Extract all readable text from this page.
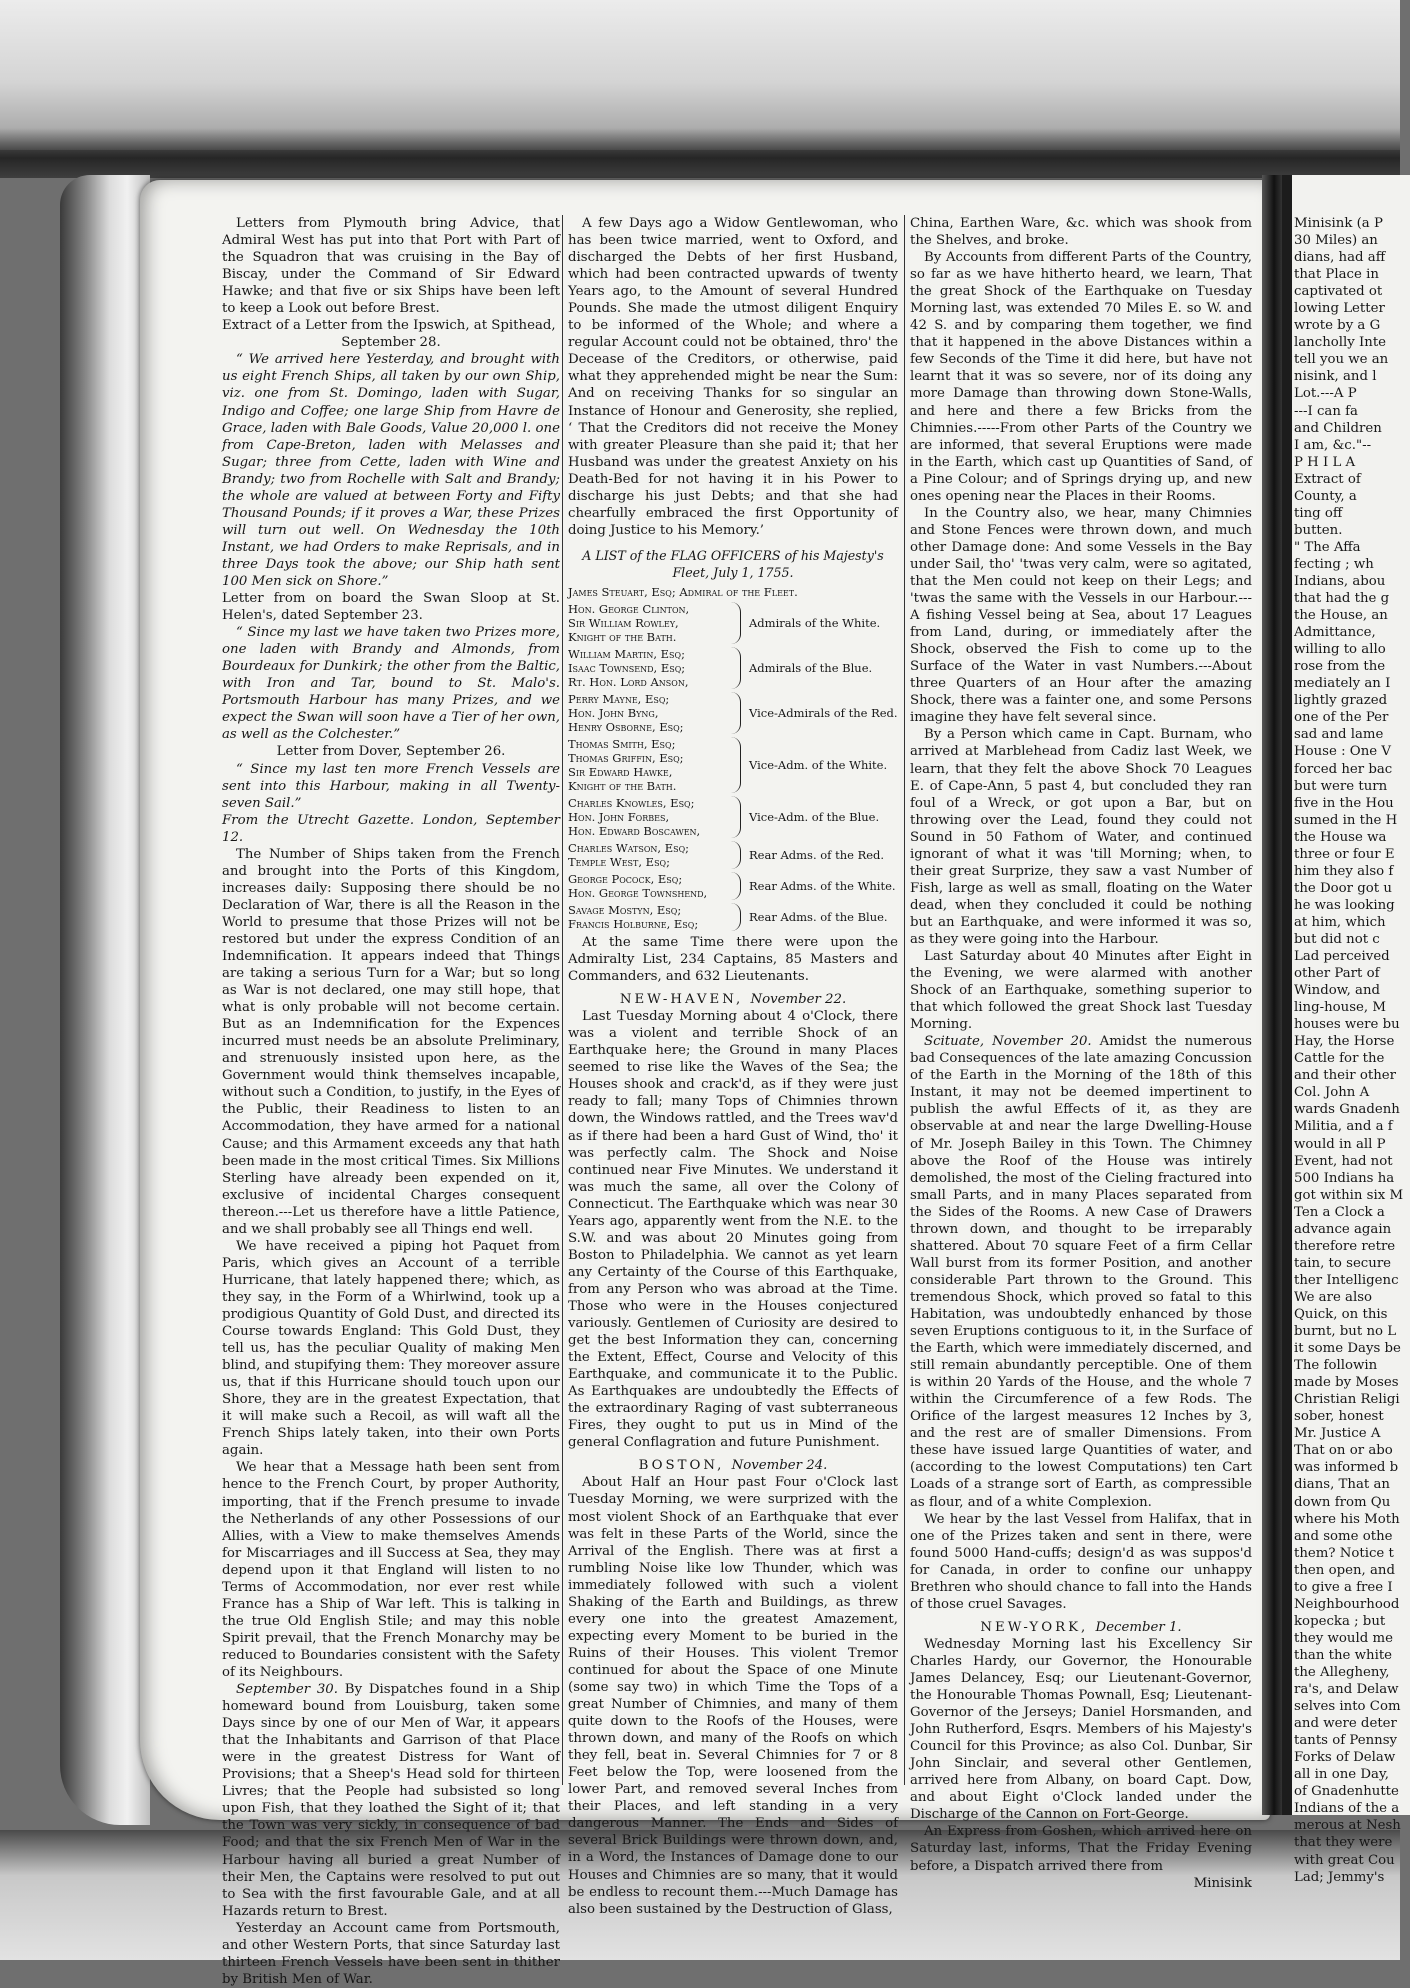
Letters from Plymouth bring Advice, that Admiral West has put into that Port with Part of the Squadron that was cruising in the Bay of Biscay, under the Command of Sir Edward Hawke; and that five or six Ships have been left to keep a Look out before Brest.

Extract of a Letter from the Ipswich, at Spithead,

September 28.

“ We arrived here Yesterday, and brought with us eight French Ships, all taken by our own Ship, viz. one from St. Domingo, laden with Sugar, Indigo and Coffee; one large Ship from Havre de Grace, laden with Bale Goods, Value 20,000 l. one from Cape-Breton, laden with Melasses and Sugar; three from Cette, laden with Wine and Brandy; two from Rochelle with Salt and Brandy; the whole are valued at between Forty and Fifty Thousand Pounds; if it proves a War, these Prizes will turn out well. On Wednesday the 10th Instant, we had Orders to make Reprisals, and in three Days took the above; our Ship hath sent 100 Men sick on Shore.”

Letter from on board the Swan Sloop at St. Helen's, dated September 23.

“ Since my last we have taken two Prizes more, one laden with Brandy and Almonds, from Bourdeaux for Dunkirk; the other from the Baltic, with Iron and Tar, bound to St. Malo's. Portsmouth Harbour has many Prizes, and we expect the Swan will soon have a Tier of her own, as well as the Colchester.”

Letter from Dover, September 26.

“ Since my last ten more French Vessels are sent into this Harbour, making in all Twenty-seven Sail.”

From the Utrecht Gazette. London, September 12.

The Number of Ships taken from the French and brought into the Ports of this Kingdom, increases daily: Supposing there should be no Declaration of War, there is all the Reason in the World to presume that those Prizes will not be restored but under the express Condition of an Indemnification. It appears indeed that Things are taking a serious Turn for a War; but so long as War is not declared, one may still hope, that what is only probable will not become certain. But as an Indemnification for the Expences incurred must needs be an absolute Preliminary, and strenuously insisted upon here, as the Government would think themselves incapable, without such a Condition, to justify, in the Eyes of the Public, their Readiness to listen to an Accommodation, they have armed for a national Cause; and this Armament exceeds any that hath been made in the most critical Times. Six Millions Sterling have already been expended on it, exclusive of incidental Charges consequent thereon.---Let us therefore have a little Patience, and we shall probably see all Things end well.

We have received a piping hot Paquet from Paris, which gives an Account of a terrible Hurricane, that lately happened there; which, as they say, in the Form of a Whirlwind, took up a prodigious Quantity of Gold Dust, and directed its Course towards England: This Gold Dust, they tell us, has the peculiar Quality of making Men blind, and stupifying them: They moreover assure us, that if this Hurricane should touch upon our Shore, they are in the greatest Expectation, that it will make such a Recoil, as will waft all the French Ships lately taken, into their own Ports again.

We hear that a Message hath been sent from hence to the French Court, by proper Authority, importing, that if the French presume to invade the Netherlands of any other Possessions of our Allies, with a View to make themselves Amends for Miscarriages and ill Success at Sea, they may depend upon it that England will listen to no Terms of Accommodation, nor ever rest while France has a Ship of War left. This is talking in the true Old English Stile; and may this noble Spirit prevail, that the French Monarchy may be reduced to Boundaries consistent with the Safety of its Neighbours.

September 30. By Dispatches found in a Ship homeward bound from Louisburg, taken some Days since by one of our Men of War, it appears that the Inhabitants and Garrison of that Place were in the greatest Distress for Want of Provisions; that a Sheep's Head sold for thirteen Livres; that the People had subsisted so long upon Fish, that they loathed the Sight of it; that the Town was very sickly, in consequence of bad Food; and that the six French Men of War in the Harbour having all buried a great Number of their Men, the Captains were resolved to put out to Sea with the first favourable Gale, and at all Hazards return to Brest.

Yesterday an Account came from Portsmouth, and other Western Ports, that since Saturday last thirteen French Vessels have been sent in thither by British Men of War.

A few Days ago a Widow Gentlewoman, who has been twice married, went to Oxford, and discharged the Debts of her first Husband, which had been contracted upwards of twenty Years ago, to the Amount of several Hundred Pounds. She made the utmost diligent Enquiry to be informed of the Whole; and where a regular Account could not be obtained, thro' the Decease of the Creditors, or otherwise, paid what they apprehended might be near the Sum: And on receiving Thanks for so singular an Instance of Honour and Generosity, she replied, ‘ That the Creditors did not receive the Money with greater Pleasure than she paid it; that her Husband was under the greatest Anxiety on his Death-Bed for not having it in his Power to discharge his just Debts; and that she had chearfully embraced the first Opportunity of doing Justice to his Memory.’

A LIST of the FLAG OFFICERS of his Majesty's
Fleet, July 1, 1755.
James Steuart, Esq; Admiral of the Fleet.
Hon. George Clinton,
Sir William Rowley,
Knight of the Bath.
Admirals of the White.
William Martin, Esq;
Isaac Townsend, Esq;
Rt. Hon. Lord Anson,
Admirals of the Blue.
Perry Mayne, Esq;
Hon. John Byng,
Henry Osborne, Esq;
Vice-Admirals of the Red.
Thomas Smith, Esq;
Thomas Griffin, Esq;
Sir Edward Hawke,
Knight of the Bath.
Vice-Adm. of the White.
Charles Knowles, Esq;
Hon. John Forbes,
Hon. Edward Boscawen,
Vice-Adm. of the Blue.
Charles Watson, Esq;
Temple West, Esq;	Rear Adms. of the Red.
George Pocock, Esq;
Hon. George Townshend,	Rear Adms. of the White.
Savage Mostyn, Esq;
Francis Holburne, Esq;	Rear Adms. of the Blue.

At the same Time there were upon the Admiralty List, 234 Captains, 85 Masters and Commanders, and 632 Lieutenants.

NEW-HAVEN, November 22.

Last Tuesday Morning about 4 o'Clock, there was a violent and terrible Shock of an Earthquake here; the Ground in many Places seemed to rise like the Waves of the Sea; the Houses shook and crack'd, as if they were just ready to fall; many Tops of Chimnies thrown down, the Windows rattled, and the Trees wav'd as if there had been a hard Gust of Wind, tho' it was perfectly calm. The Shock and Noise continued near Five Minutes. We understand it was much the same, all over the Colony of Connecticut. The Earthquake which was near 30 Years ago, apparently went from the N.E. to the S.W. and was about 20 Minutes going from Boston to Philadelphia. We cannot as yet learn any Certainty of the Course of this Earthquake, from any Person who was abroad at the Time. Those who were in the Houses conjectured variously. Gentlemen of Curiosity are desired to get the best Information they can, concerning the Extent, Effect, Course and Velocity of this Earthquake, and communicate it to the Public. As Earthquakes are undoubtedly the Effects of the extraordinary Raging of vast subterraneous Fires, they ought to put us in Mind of the general Conflagration and future Punishment.

BOSTON, November 24.

About Half an Hour past Four o'Clock last Tuesday Morning, we were surprized with the most violent Shock of an Earthquake that ever was felt in these Parts of the World, since the Arrival of the English. There was at first a rumbling Noise like low Thunder, which was immediately followed with such a violent Shaking of the Earth and Buildings, as threw every one into the greatest Amazement, expecting every Moment to be buried in the Ruins of their Houses. This violent Tremor continued for about the Space of one Minute (some say two) in which Time the Tops of a great Number of Chimnies, and many of them quite down to the Roofs of the Houses, were thrown down, and many of the Roofs on which they fell, beat in. Several Chimnies for 7 or 8 Feet below the Top, were loosened from the lower Part, and removed several Inches from their Places, and left standing in a very dangerous Manner. The Ends and Sides of several Brick Buildings were thrown down, and, in a Word, the Instances of Damage done to our Houses and Chimnies are so many, that it would be endless to recount them.---Much Damage has also been sustained by the Destruction of Glass,

China, Earthen Ware, &c. which was shook from the Shelves, and broke.

By Accounts from different Parts of the Country, so far as we have hitherto heard, we learn, That the great Shock of the Earthquake on Tuesday Morning last, was extended 70 Miles E. so W. and 42 S. and by comparing them together, we find that it happened in the above Distances within a few Seconds of the Time it did here, but have not learnt that it was so severe, nor of its doing any more Damage than throwing down Stone-Walls, and here and there a few Bricks from the Chimnies.-----From other Parts of the Country we are informed, that several Eruptions were made in the Earth, which cast up Quantities of Sand, of a Pine Colour; and of Springs drying up, and new ones opening near the Places in their Rooms.

In the Country also, we hear, many Chimnies and Stone Fences were thrown down, and much other Damage done: And some Vessels in the Bay under Sail, tho' 'twas very calm, were so agitated, that the Men could not keep on their Legs; and 'twas the same with the Vessels in our Harbour.---A fishing Vessel being at Sea, about 17 Leagues from Land, during, or immediately after the Shock, observed the Fish to come up to the Surface of the Water in vast Numbers.---About three Quarters of an Hour after the amazing Shock, there was a fainter one, and some Persons imagine they have felt several since.

By a Person which came in Capt. Burnam, who arrived at Marblehead from Cadiz last Week, we learn, that they felt the above Shock 70 Leagues E. of Cape-Ann, 5 past 4, but concluded they ran foul of a Wreck, or got upon a Bar, but on throwing over the Lead, found they could not Sound in 50 Fathom of Water, and continued ignorant of what it was 'till Morning; when, to their great Surprize, they saw a vast Number of Fish, large as well as small, floating on the Water dead, when they concluded it could be nothing but an Earthquake, and were informed it was so, as they were going into the Harbour.

Last Saturday about 40 Minutes after Eight in the Evening, we were alarmed with another Shock of an Earthquake, something superior to that which followed the great Shock last Tuesday Morning.

Scituate, November 20. Amidst the numerous bad Consequences of the late amazing Concussion of the Earth in the Morning of the 18th of this Instant, it may not be deemed impertinent to publish the awful Effects of it, as they are observable at and near the large Dwelling-House of Mr. Joseph Bailey in this Town. The Chimney above the Roof of the House was intirely demolished, the most of the Cieling fractured into small Parts, and in many Places separated from the Sides of the Rooms. A new Case of Drawers thrown down, and thought to be irreparably shattered. About 70 square Feet of a firm Cellar Wall burst from its former Position, and another considerable Part thrown to the Ground. This tremendous Shock, which proved so fatal to this Habitation, was undoubtedly enhanced by those seven Eruptions contiguous to it, in the Surface of the Earth, which were immediately discerned, and still remain abundantly perceptible. One of them is within 20 Yards of the House, and the whole 7 within the Circumference of a few Rods. The Orifice of the largest measures 12 Inches by 3, and the rest are of smaller Dimensions. From these have issued large Quantities of water, and (according to the lowest Computations) ten Cart Loads of a strange sort of Earth, as compressible as flour, and of a white Complexion.

We hear by the last Vessel from Halifax, that in one of the Prizes taken and sent in there, were found 5000 Hand-cuffs; design'd as was suppos'd for Canada, in order to confine our unhappy Brethren who should chance to fall into the Hands of those cruel Savages.

NEW-YORK, December 1.

Wednesday Morning last his Excellency Sir Charles Hardy, our Governor, the Honourable James Delancey, Esq; our Lieutenant-Governor, the Honourable Thomas Pownall, Esq; Lieutenant-Governor of the Jerseys; Daniel Horsmanden, and John Rutherford, Esqrs. Members of his Majesty's Council for this Province; as also Col. Dunbar, Sir John Sinclair, and several other Gentlemen, arrived here from Albany, on board Capt. Dow, and about Eight o'Clock landed under the Discharge of the Cannon on Fort-George.

An Express from Goshen, which arrived here on Saturday last, informs, That the Friday Evening before, a Dispatch arrived there from

Minisink

Minisink (a P
30 Miles) an
dians, had aff
that Place in
captivated ot
lowing Letter
wrote by a G
lancholly Inte
tell you we an
nisink, and l
Lot.---A P
---I can fa
and Children
I am, &c."--
P H I L A
Extract of
County, a
ting off
butten.
" The Affa
fecting ; wh
Indians, abou
that had the g
the House, an
Admittance,
willing to allo
rose from the
mediately an I
lightly grazed
one of the Per
sad and lame
House : One V
forced her bac
but were turn
five in the Hou
sumed in the H
the House wa
three or four E
him they also f
the Door got u
he was looking
at him, which
but did not c
Lad perceived
other Part of
Window, and
ling-house, M
houses were bu
Hay, the Horse
Cattle for the
and their other
Col. John A
wards Gnadenh
Militia, and a f
would in all P
Event, had not
500 Indians ha
got within six M
Ten a Clock a
advance again
therefore retre
tain, to secure
ther Intelligenc
We are also
Quick, on this
burnt, but no L
it some Days be
The followin
made by Moses
Christian Religi
sober, honest
Mr. Justice A
That on or abo
was informed b
dians, That an
down from Qu
where his Moth
and some othe
them? Notice t
then open, and
to give a free I
Neighbourhood
kopecka ; but
they would me
than the white
the Allegheny,
ra's, and Delaw
selves into Com
and were deter
tants of Pennsy
Forks of Delaw
all in one Day,
of Gnadenhutte
Indians of the a
merous at Nesh
that they were
with great Cou
Lad; Jemmy's
